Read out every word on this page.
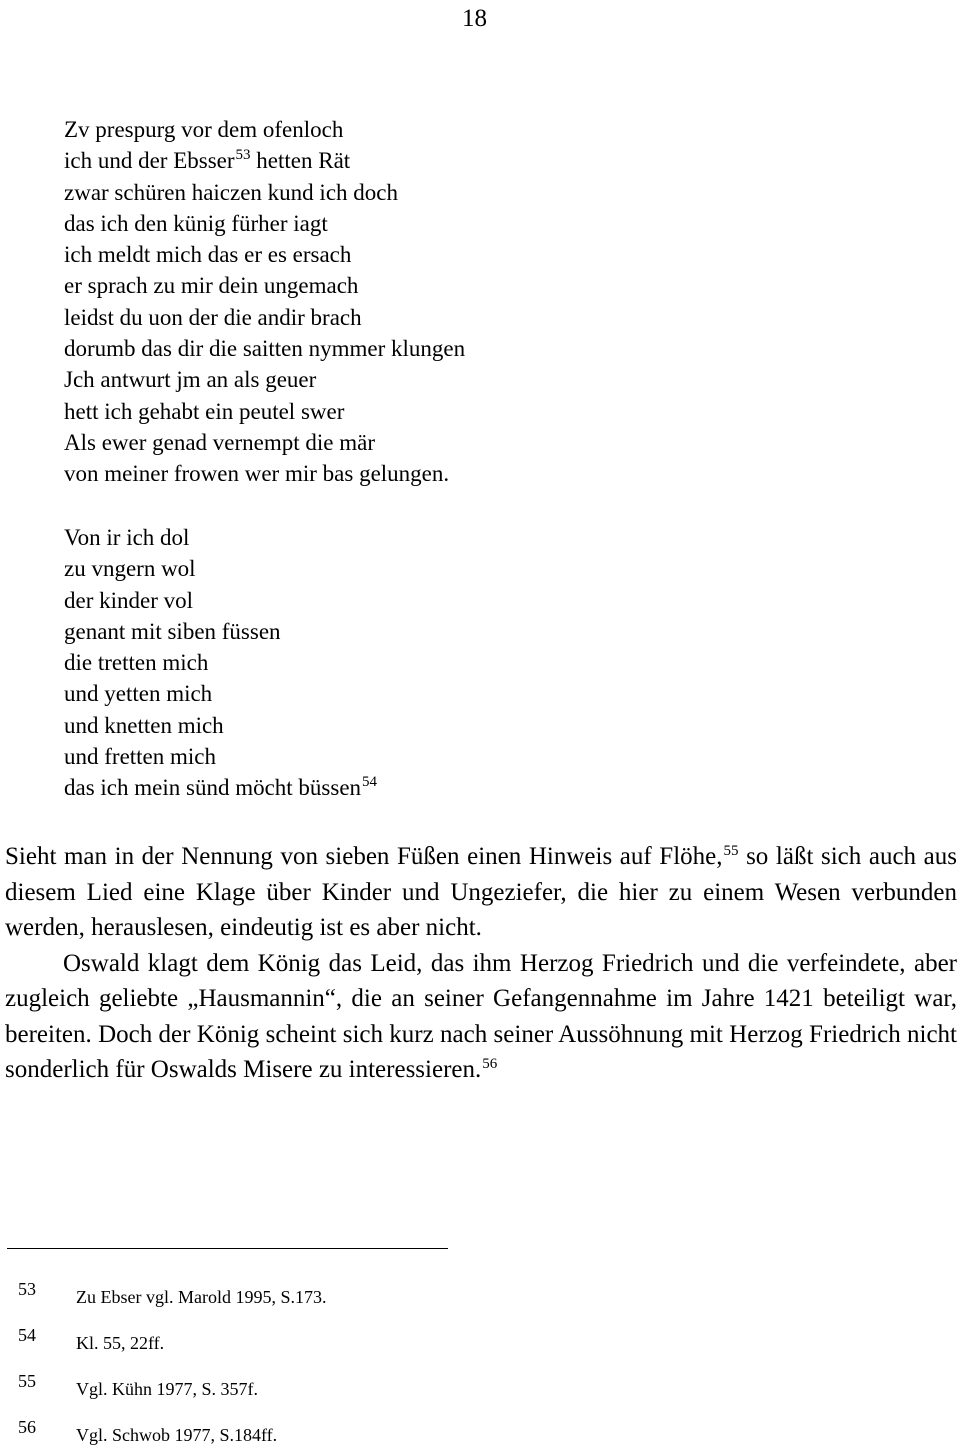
18
Zv prespurg vor dem ofenloch
ich und der Ebsser$^{53}$ hetten Rät
zwar schüren haiczen kund ich doch
das ich den künig fürher iagt
ich meldt mich das er es ersach
er sprach zu mir dein ungemach
leidst du uon der die andir brach
dorumb das dir die saitten nymmer klungen
Jch antwurt jm an als geuer
hett ich gehabt ein peutel swer
Als ewer genad vernempt die mär
von meiner frowen wer mir bas gelungen.
Von ir ich dol
zu vngern wol
der kinder vol
genant mit siben füssen
die tretten mich
und yetten mich
und knetten mich
und fretten mich
das ich mein sünd möcht büssen$^{54}$

Sieht man in der Nennung von sieben Füßen einen Hinweis auf Flöhe,$^{55}$ so läßt sich auch aus diesem Lied eine Klage über Kinder und Ungeziefer, die hier zu einem Wesen verbunden werden, herauslesen, eindeutig ist es aber nicht.

Oswald klagt dem König das Leid, das ihm Herzog Friedrich und die verfeindete, aber zugleich geliebte „Hausmannin“, die an seiner Gefangennahme im Jahre 1421 beteiligt war, bereiten. Doch der König scheint sich kurz nach seiner Aussöhnung mit Herzog Friedrich nicht sonderlich für Oswalds Misere zu interessieren.$^{56}$

53 Zu Ebser vgl. Marold 1995, S.173.
54 Kl. 55, 22ff.
55 Vgl. Kühn 1977, S. 357f.
56 Vgl. Schwob 1977, S.184ff.
